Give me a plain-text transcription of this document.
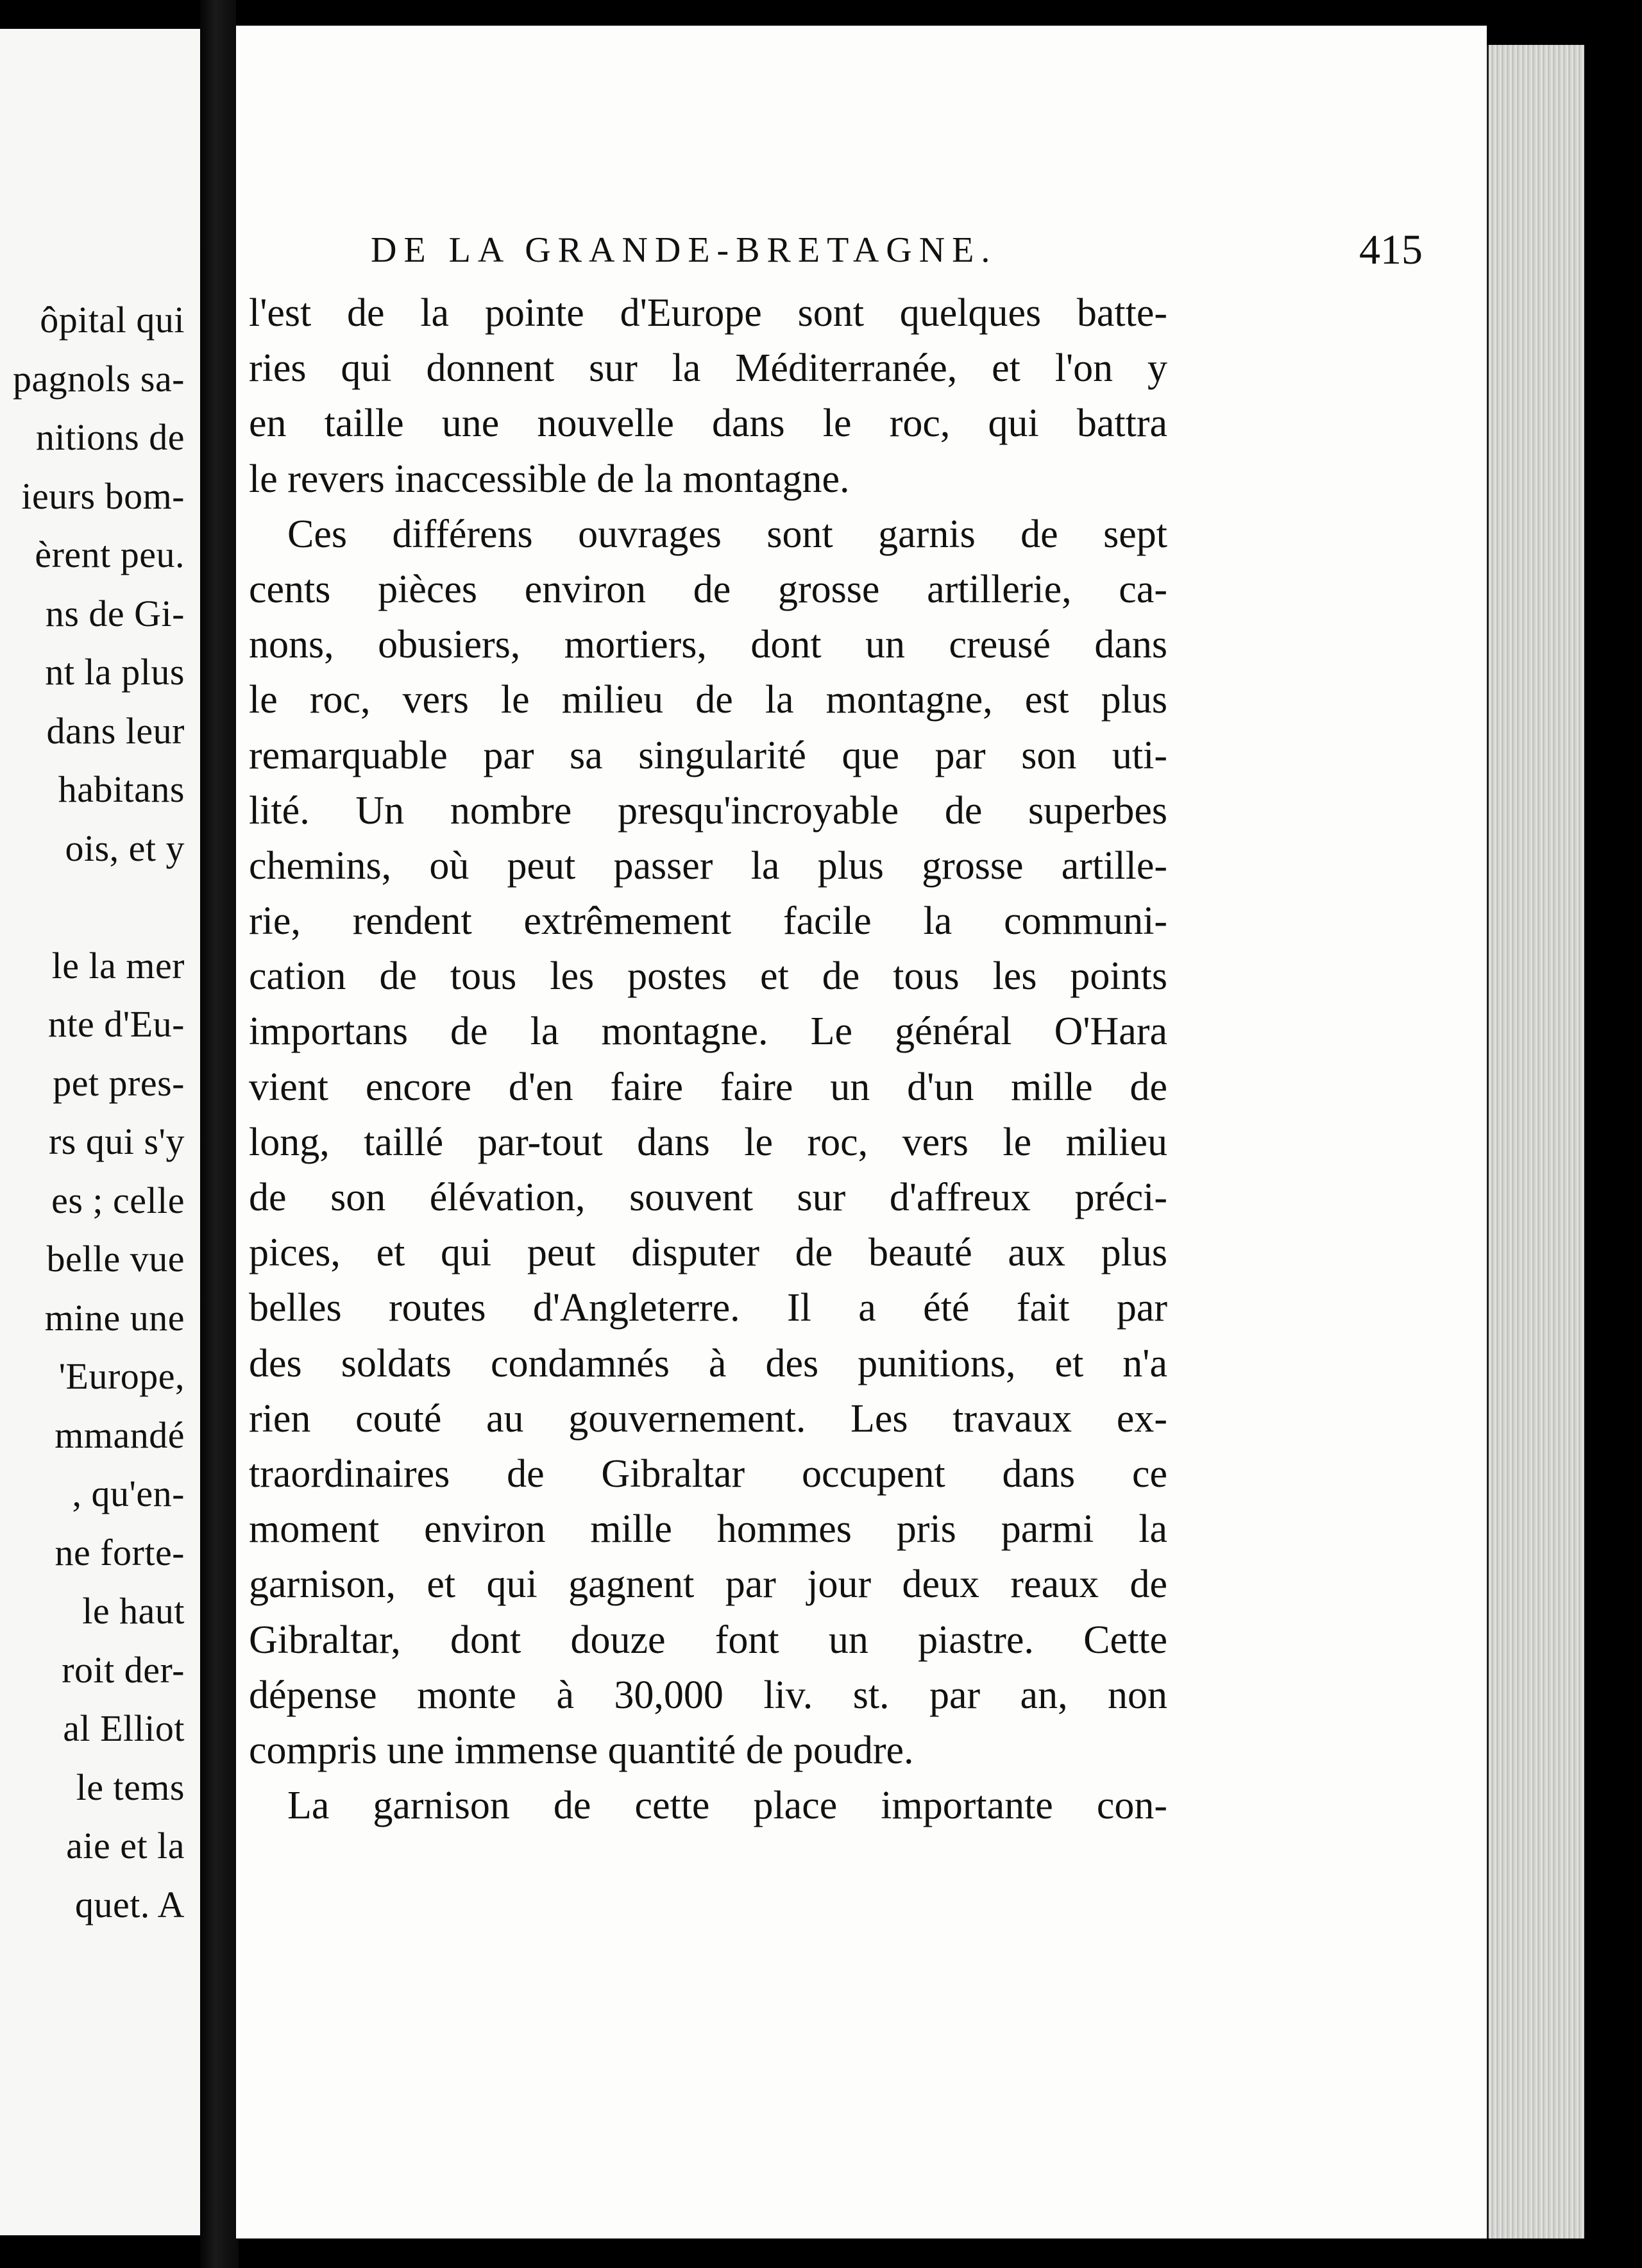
ôpital qui
pagnols sa-
nitions de
ieurs bom-
èrent peu.
ns de Gi-
nt la plus
dans leur
habitans
ois, et y
le la mer
nte d'Eu-
pet pres-
rs qui s'y
es ; celle
belle vue
mine une
'Europe,
mmandé
, qu'en-
ne forte-
le haut
roit der-
al Elliot
le tems
aie et la
quet. A
DE LA GRANDE-BRETAGNE.	415
l'est de la pointe d'Europe sont quelques batte-
ries qui donnent sur la Méditerranée, et l'on y
en taille une nouvelle dans le roc, qui battra
le revers inaccessible de la montagne.
Ces différens ouvrages sont garnis de sept
cents pièces environ de grosse artillerie, ca-
nons, obusiers, mortiers, dont un creusé dans
le roc, vers le milieu de la montagne, est plus
remarquable par sa singularité que par son uti-
lité. Un nombre presqu'incroyable de superbes
chemins, où peut passer la plus grosse artille-
rie, rendent extrêmement facile la communi-
cation de tous les postes et de tous les points
importans de la montagne. Le général O'Hara
vient encore d'en faire faire un d'un mille de
long, taillé par-tout dans le roc, vers le milieu
de son élévation, souvent sur d'affreux préci-
pices, et qui peut disputer de beauté aux plus
belles routes d'Angleterre. Il a été fait par
des soldats condamnés à des punitions, et n'a
rien couté au gouvernement. Les travaux ex-
traordinaires de Gibraltar occupent dans ce
moment environ mille hommes pris parmi la
garnison, et qui gagnent par jour deux reaux de
Gibraltar, dont douze font un piastre. Cette
dépense monte à 30,000 liv. st. par an, non
compris une immense quantité de poudre.
La garnison de cette place importante con-
